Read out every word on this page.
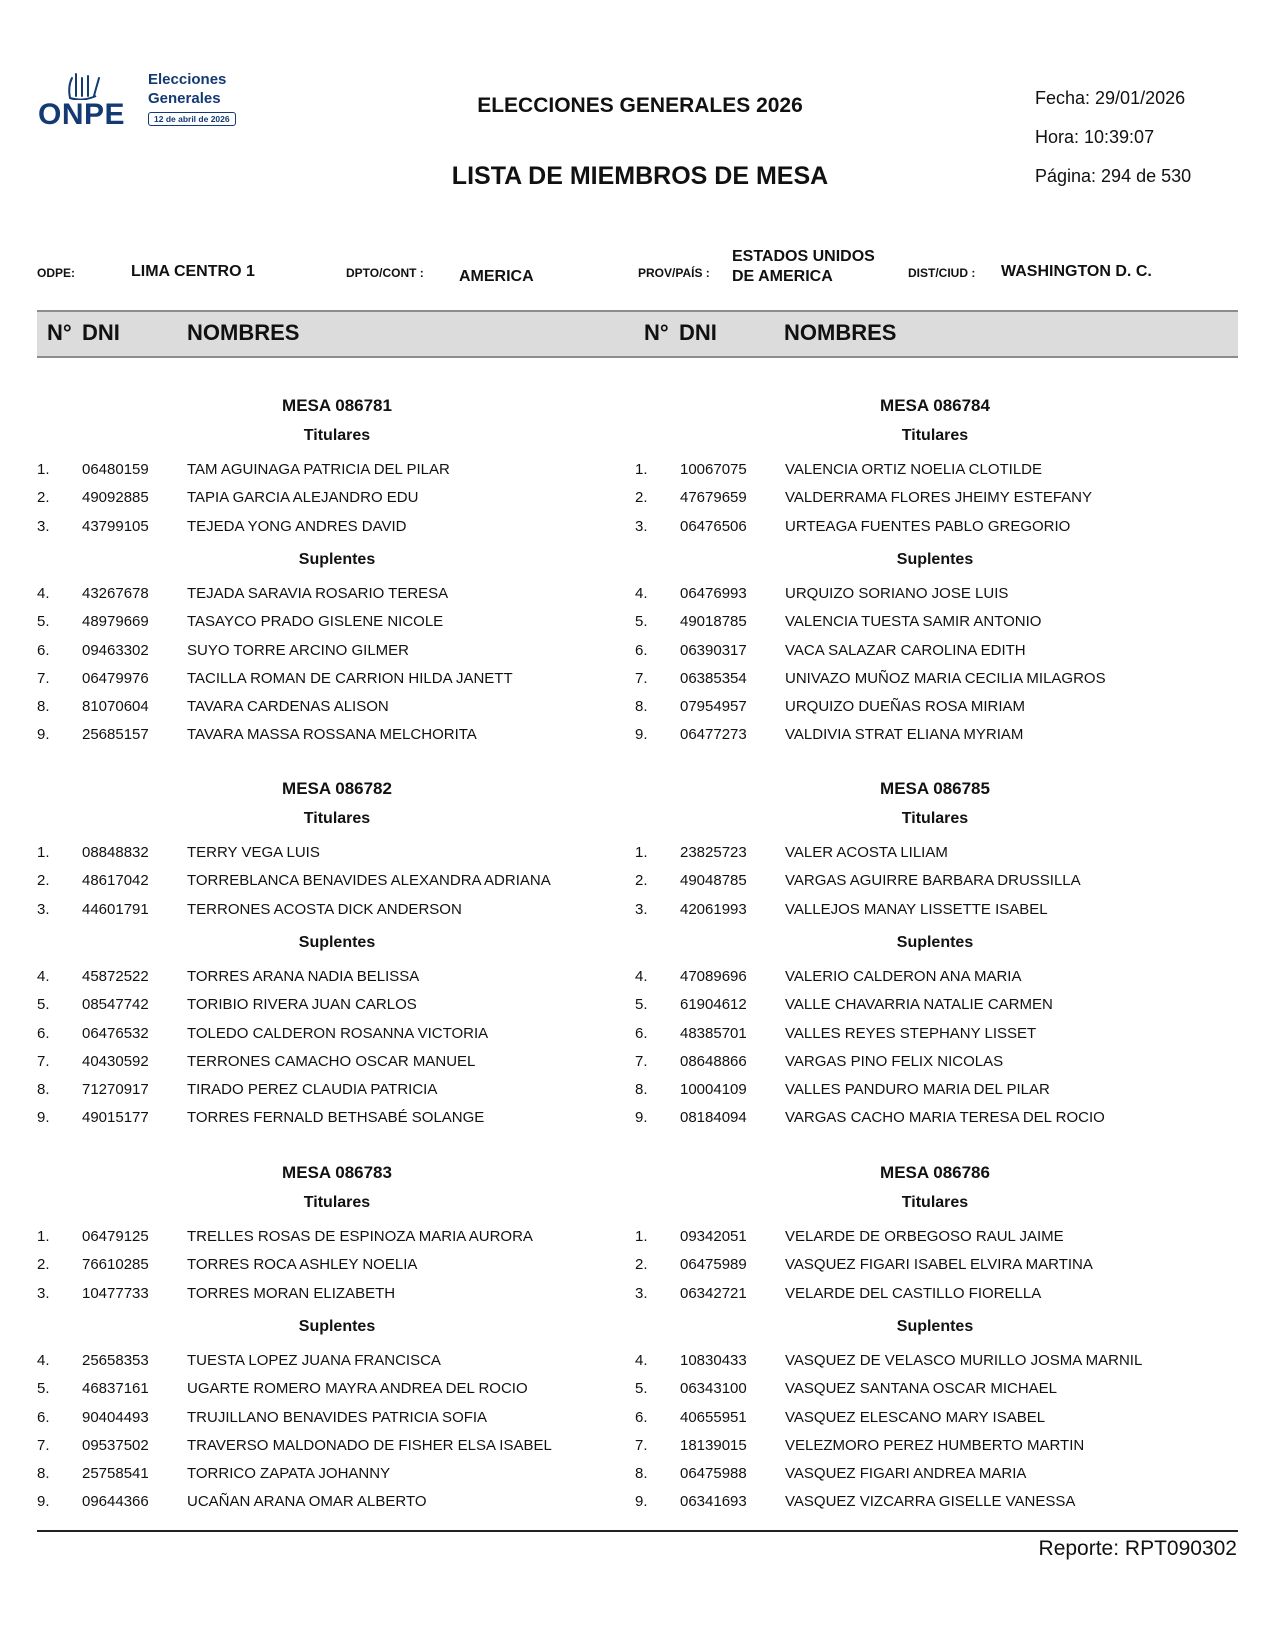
ONPE
Elecciones
Generales
12 de abril de 2026
ELECCIONES GENERALES 2026
LISTA DE MIEMBROS DE MESA
Fecha: 29/01/2026
Hora: 10:39:07
Página: 294 de 530
ODPE:	LIMA CENTRO 1	DPTO/CONT : AMERICA	PROV/PAÍS :
ESTADOS UNIDOS
DE AMERICA	DIST/CIUD : WASHINGTON D. C.
N° DNI	NOMBRES	N° DNI	NOMBRES
MESA 086781
Titulares
1. 06480159	TAM AGUINAGA PATRICIA DEL PILAR
2. 49092885	TAPIA GARCIA ALEJANDRO EDU
3. 43799105	TEJEDA YONG ANDRES DAVID
Suplentes
4. 43267678	TEJADA SARAVIA ROSARIO TERESA
5. 48979669	TASAYCO PRADO GISLENE NICOLE
6. 09463302	SUYO TORRE ARCINO GILMER
7. 06479976	TACILLA ROMAN DE CARRION HILDA JANETT
8. 81070604	TAVARA CARDENAS ALISON
9. 25685157	TAVARA MASSA ROSSANA MELCHORITA
MESA 086784
Titulares
1. 10067075	VALENCIA ORTIZ NOELIA CLOTILDE
2. 47679659	VALDERRAMA FLORES JHEIMY ESTEFANY
3. 06476506	URTEAGA FUENTES PABLO GREGORIO
Suplentes
4. 06476993	URQUIZO SORIANO JOSE LUIS
5. 49018785	VALENCIA TUESTA SAMIR ANTONIO
6. 06390317	VACA SALAZAR CAROLINA EDITH
7. 06385354	UNIVAZO MUÑOZ MARIA CECILIA MILAGROS
8. 07954957	URQUIZO DUEÑAS ROSA MIRIAM
9. 06477273	VALDIVIA STRAT ELIANA MYRIAM
MESA 086782
Titulares
1. 08848832	TERRY VEGA LUIS
2. 48617042	TORREBLANCA BENAVIDES ALEXANDRA ADRIANA
3. 44601791	TERRONES ACOSTA DICK ANDERSON
Suplentes
4. 45872522	TORRES ARANA NADIA BELISSA
5. 08547742	TORIBIO RIVERA JUAN CARLOS
6. 06476532	TOLEDO CALDERON ROSANNA VICTORIA
7. 40430592	TERRONES CAMACHO OSCAR MANUEL
8. 71270917	TIRADO PEREZ CLAUDIA PATRICIA
9. 49015177	TORRES FERNALD BETHSABÉ SOLANGE
MESA 086785
Titulares
1. 23825723	VALER ACOSTA LILIAM
2. 49048785	VARGAS AGUIRRE BARBARA DRUSSILLA
3. 42061993	VALLEJOS MANAY LISSETTE ISABEL
Suplentes
4. 47089696	VALERIO CALDERON ANA MARIA
5. 61904612	VALLE CHAVARRIA NATALIE CARMEN
6. 48385701	VALLES REYES STEPHANY LISSET
7. 08648866	VARGAS PINO FELIX NICOLAS
8. 10004109	VALLES PANDURO MARIA DEL PILAR
9. 08184094	VARGAS CACHO MARIA TERESA DEL ROCIO
MESA 086783
Titulares
1. 06479125	TRELLES ROSAS DE ESPINOZA MARIA AURORA
2. 76610285	TORRES ROCA ASHLEY NOELIA
3. 10477733	TORRES MORAN ELIZABETH
Suplentes
4. 25658353	TUESTA LOPEZ JUANA FRANCISCA
5. 46837161	UGARTE ROMERO MAYRA ANDREA DEL ROCIO
6. 90404493	TRUJILLANO BENAVIDES PATRICIA SOFIA
7. 09537502	TRAVERSO MALDONADO DE FISHER ELSA ISABEL
8. 25758541	TORRICO ZAPATA JOHANNY
9. 09644366	UCAÑAN ARANA OMAR ALBERTO
MESA 086786
Titulares
1. 09342051	VELARDE DE ORBEGOSO RAUL JAIME
2. 06475989	VASQUEZ FIGARI ISABEL ELVIRA MARTINA
3. 06342721	VELARDE DEL CASTILLO FIORELLA
Suplentes
4. 10830433	VASQUEZ DE VELASCO MURILLO JOSMA MARNIL
5. 06343100	VASQUEZ SANTANA OSCAR MICHAEL
6. 40655951	VASQUEZ ELESCANO MARY ISABEL
7. 18139015	VELEZMORO PEREZ HUMBERTO MARTIN
8. 06475988	VASQUEZ FIGARI ANDREA MARIA
9. 06341693	VASQUEZ VIZCARRA GISELLE VANESSA
Reporte: RPT090302
